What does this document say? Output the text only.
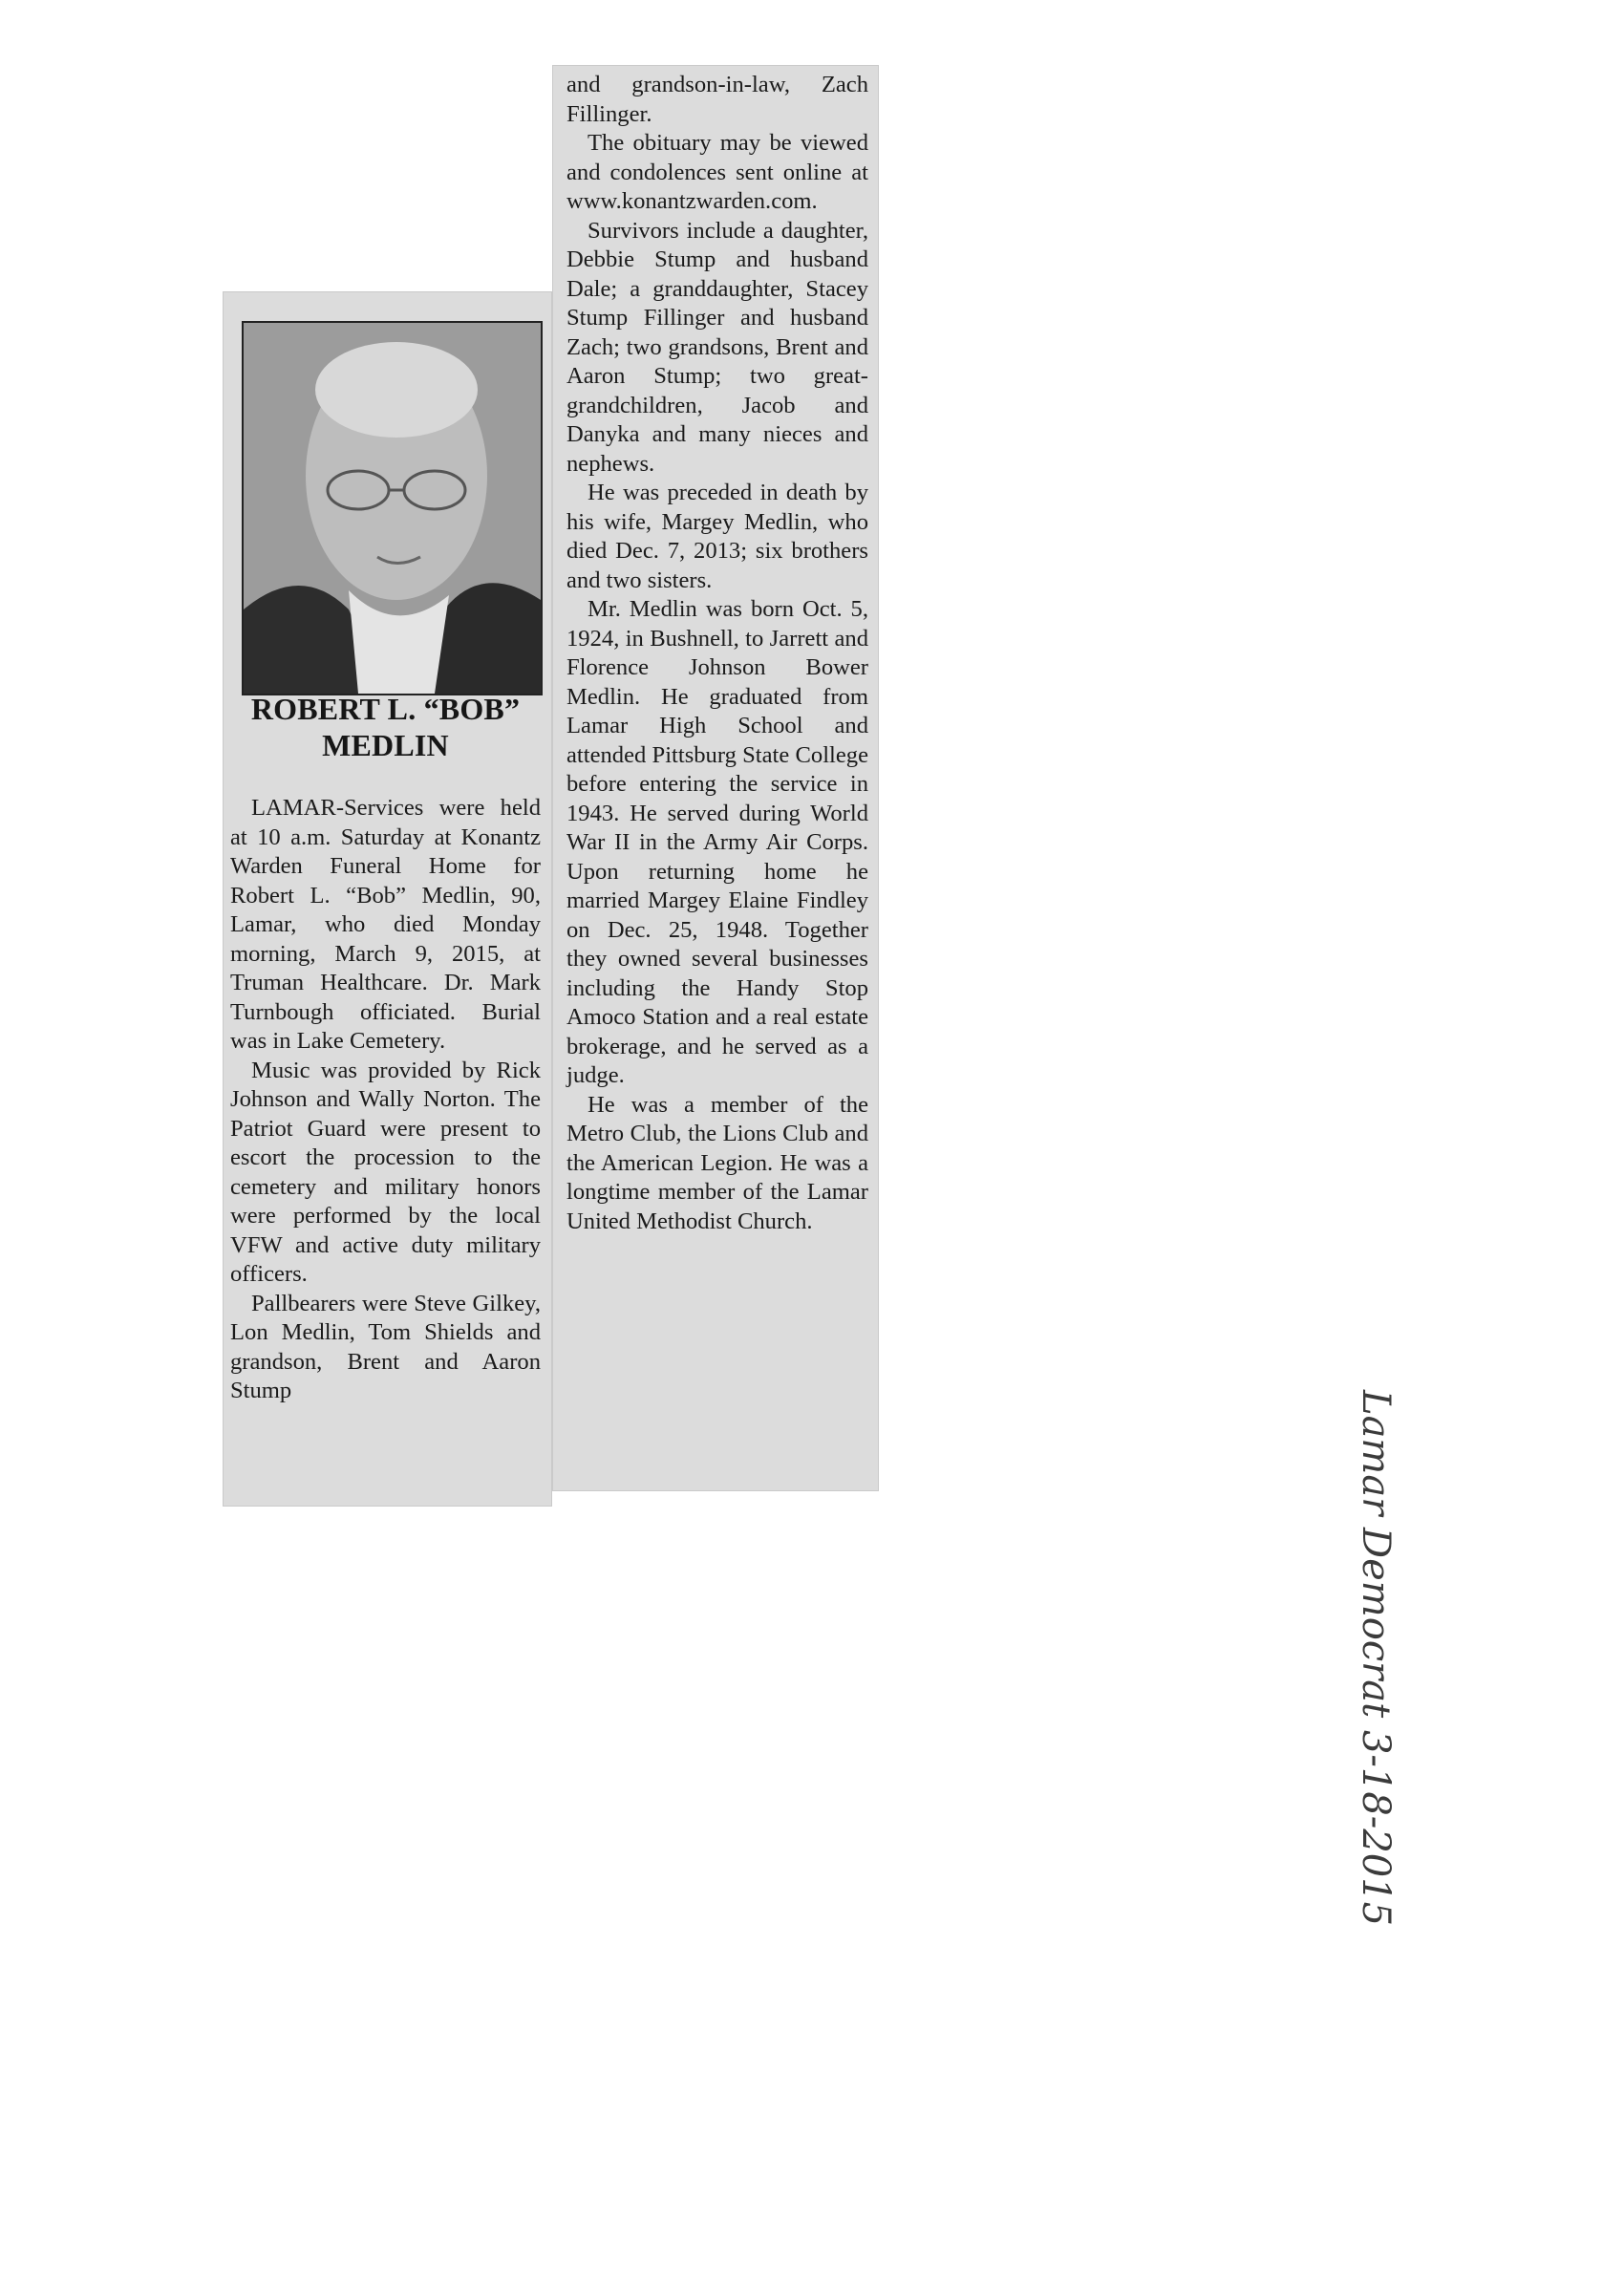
ROBERT L. “BOB”
MEDLIN

LAMAR-Services were held at 10 a.m. Saturday at Konantz Warden Funeral Home for Robert L. “Bob” Medlin, 90, Lamar, who died Monday morning, March 9, 2015, at Truman Healthcare. Dr. Mark Turnbough officiated. Burial was in Lake Cemetery.

Music was provided by Rick Johnson and Wally Norton. The Patriot Guard were present to escort the procession to the cemetery and military honors were performed by the local VFW and active duty military officers.

Pallbearers were Steve Gilkey, Lon Medlin, Tom Shields and grandson, Brent and Aaron Stump

and grandson-in-law, Zach Fillinger.

The obituary may be viewed and condolences sent online at www.konantzwarden.com.

Survivors include a daughter, Debbie Stump and husband Dale; a granddaughter, Stacey Stump Fillinger and husband Zach; two grandsons, Brent and Aaron Stump; two great-grandchildren, Jacob and Danyka and many nieces and nephews.

He was preceded in death by his wife, Margey Medlin, who died Dec. 7, 2013; six brothers and two sisters.

Mr. Medlin was born Oct. 5, 1924, in Bushnell, to Jarrett and Florence Johnson Bower Medlin. He graduated from Lamar High School and attended Pittsburg State College before entering the service in 1943. He served during World War II in the Army Air Corps. Upon returning home he married Margey Elaine Findley on Dec. 25, 1948. Together they owned several businesses including the Handy Stop Amoco Station and a real estate brokerage, and he served as a judge.

He was a member of the Metro Club, the Lions Club and the American Legion. He was a longtime member of the Lamar United Methodist Church.

Lamar Democrat 3-18-2015
